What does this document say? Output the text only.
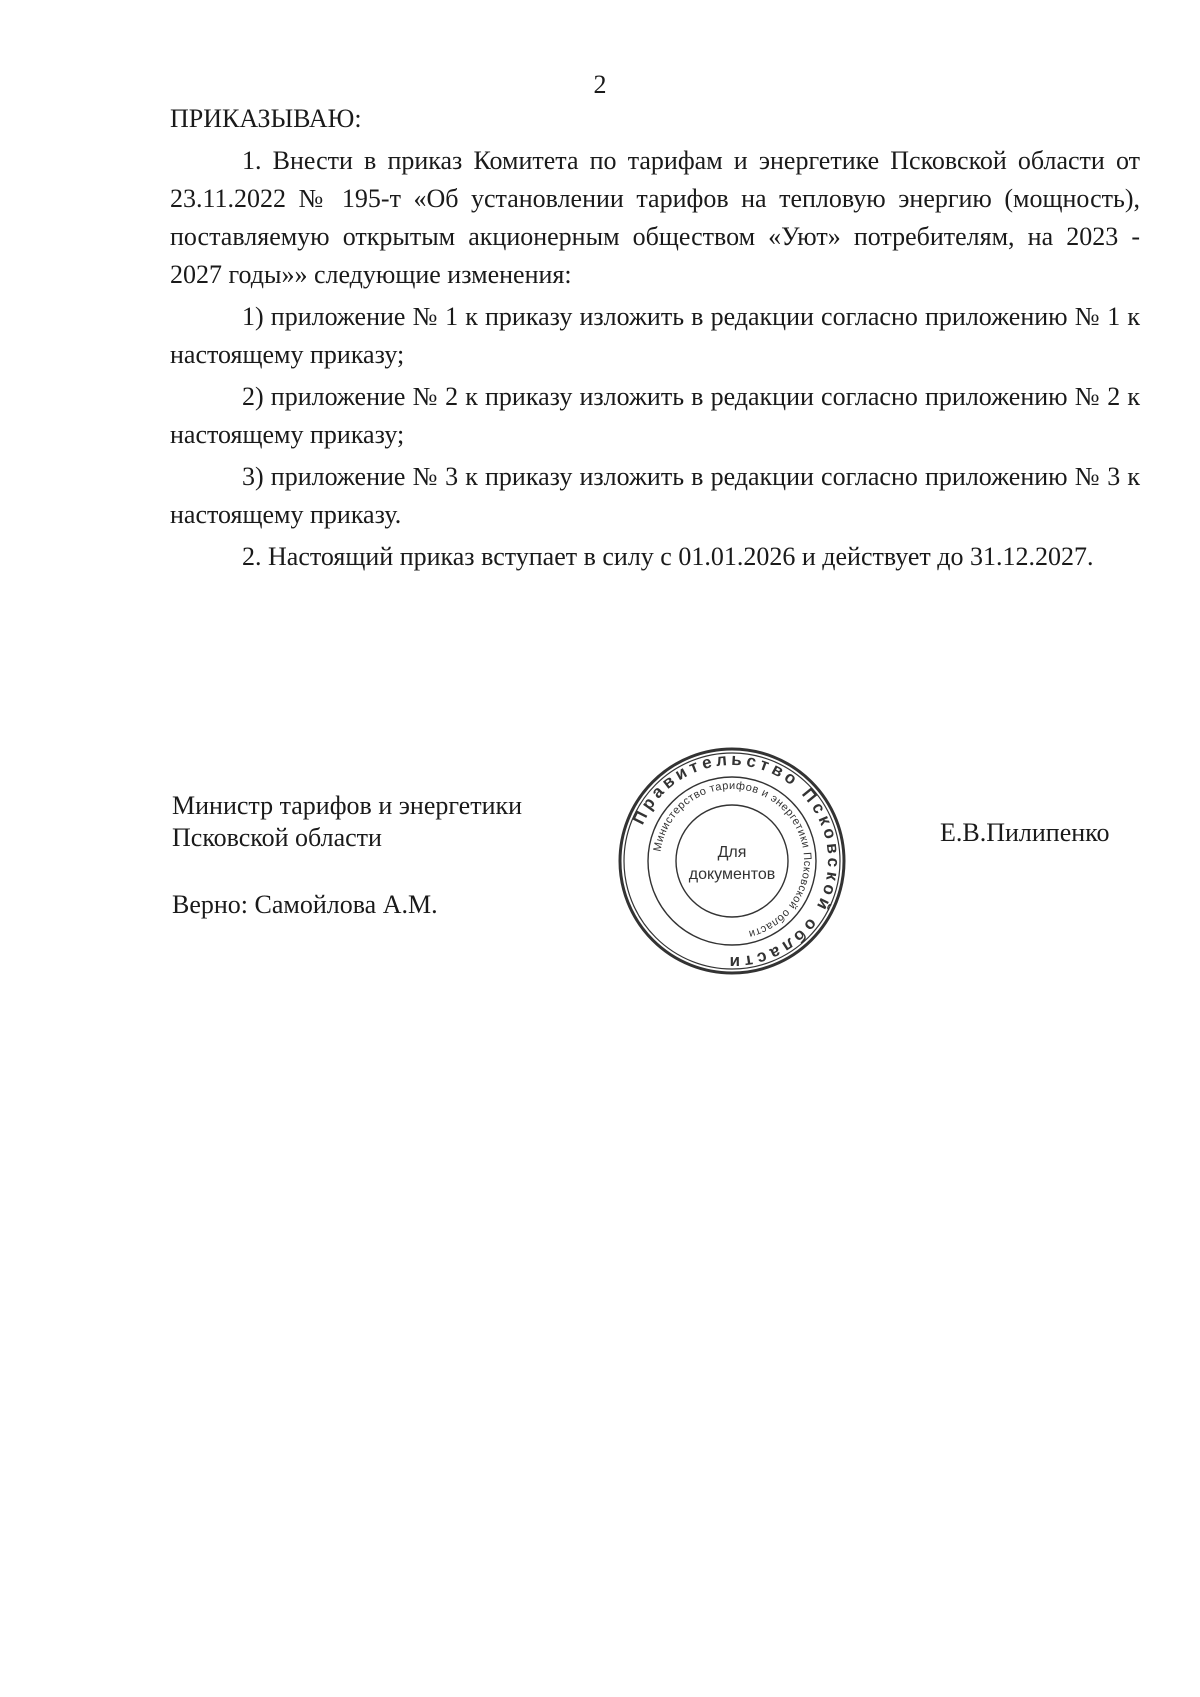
2

ПРИКАЗЫВАЮ:

1. Внести в приказ Комитета по тарифам и энергетике Псковской области от 23.11.2022 № 195-т «Об установлении тарифов на тепловую энергию (мощность), поставляемую открытым акционерным обществом «Уют» потребителям, на 2023 - 2027 годы»» следующие изменения:

1) приложение № 1 к приказу изложить в редакции согласно приложению № 1 к настоящему приказу;

2) приложение № 2 к приказу изложить в редакции согласно приложению № 2 к настоящему приказу;

3) приложение № 3 к приказу изложить в редакции согласно приложению № 3 к настоящему приказу.

2. Настоящий приказ вступает в силу с 01.01.2026 и действует до 31.12.2027.

Министр тарифов и энергетики
Псковской области
Верно: Самойлова А.М.
Е.В.Пилипенко
Правительство Псковской области
Министерство тарифов и энергетики Псковской области
Для
документов
